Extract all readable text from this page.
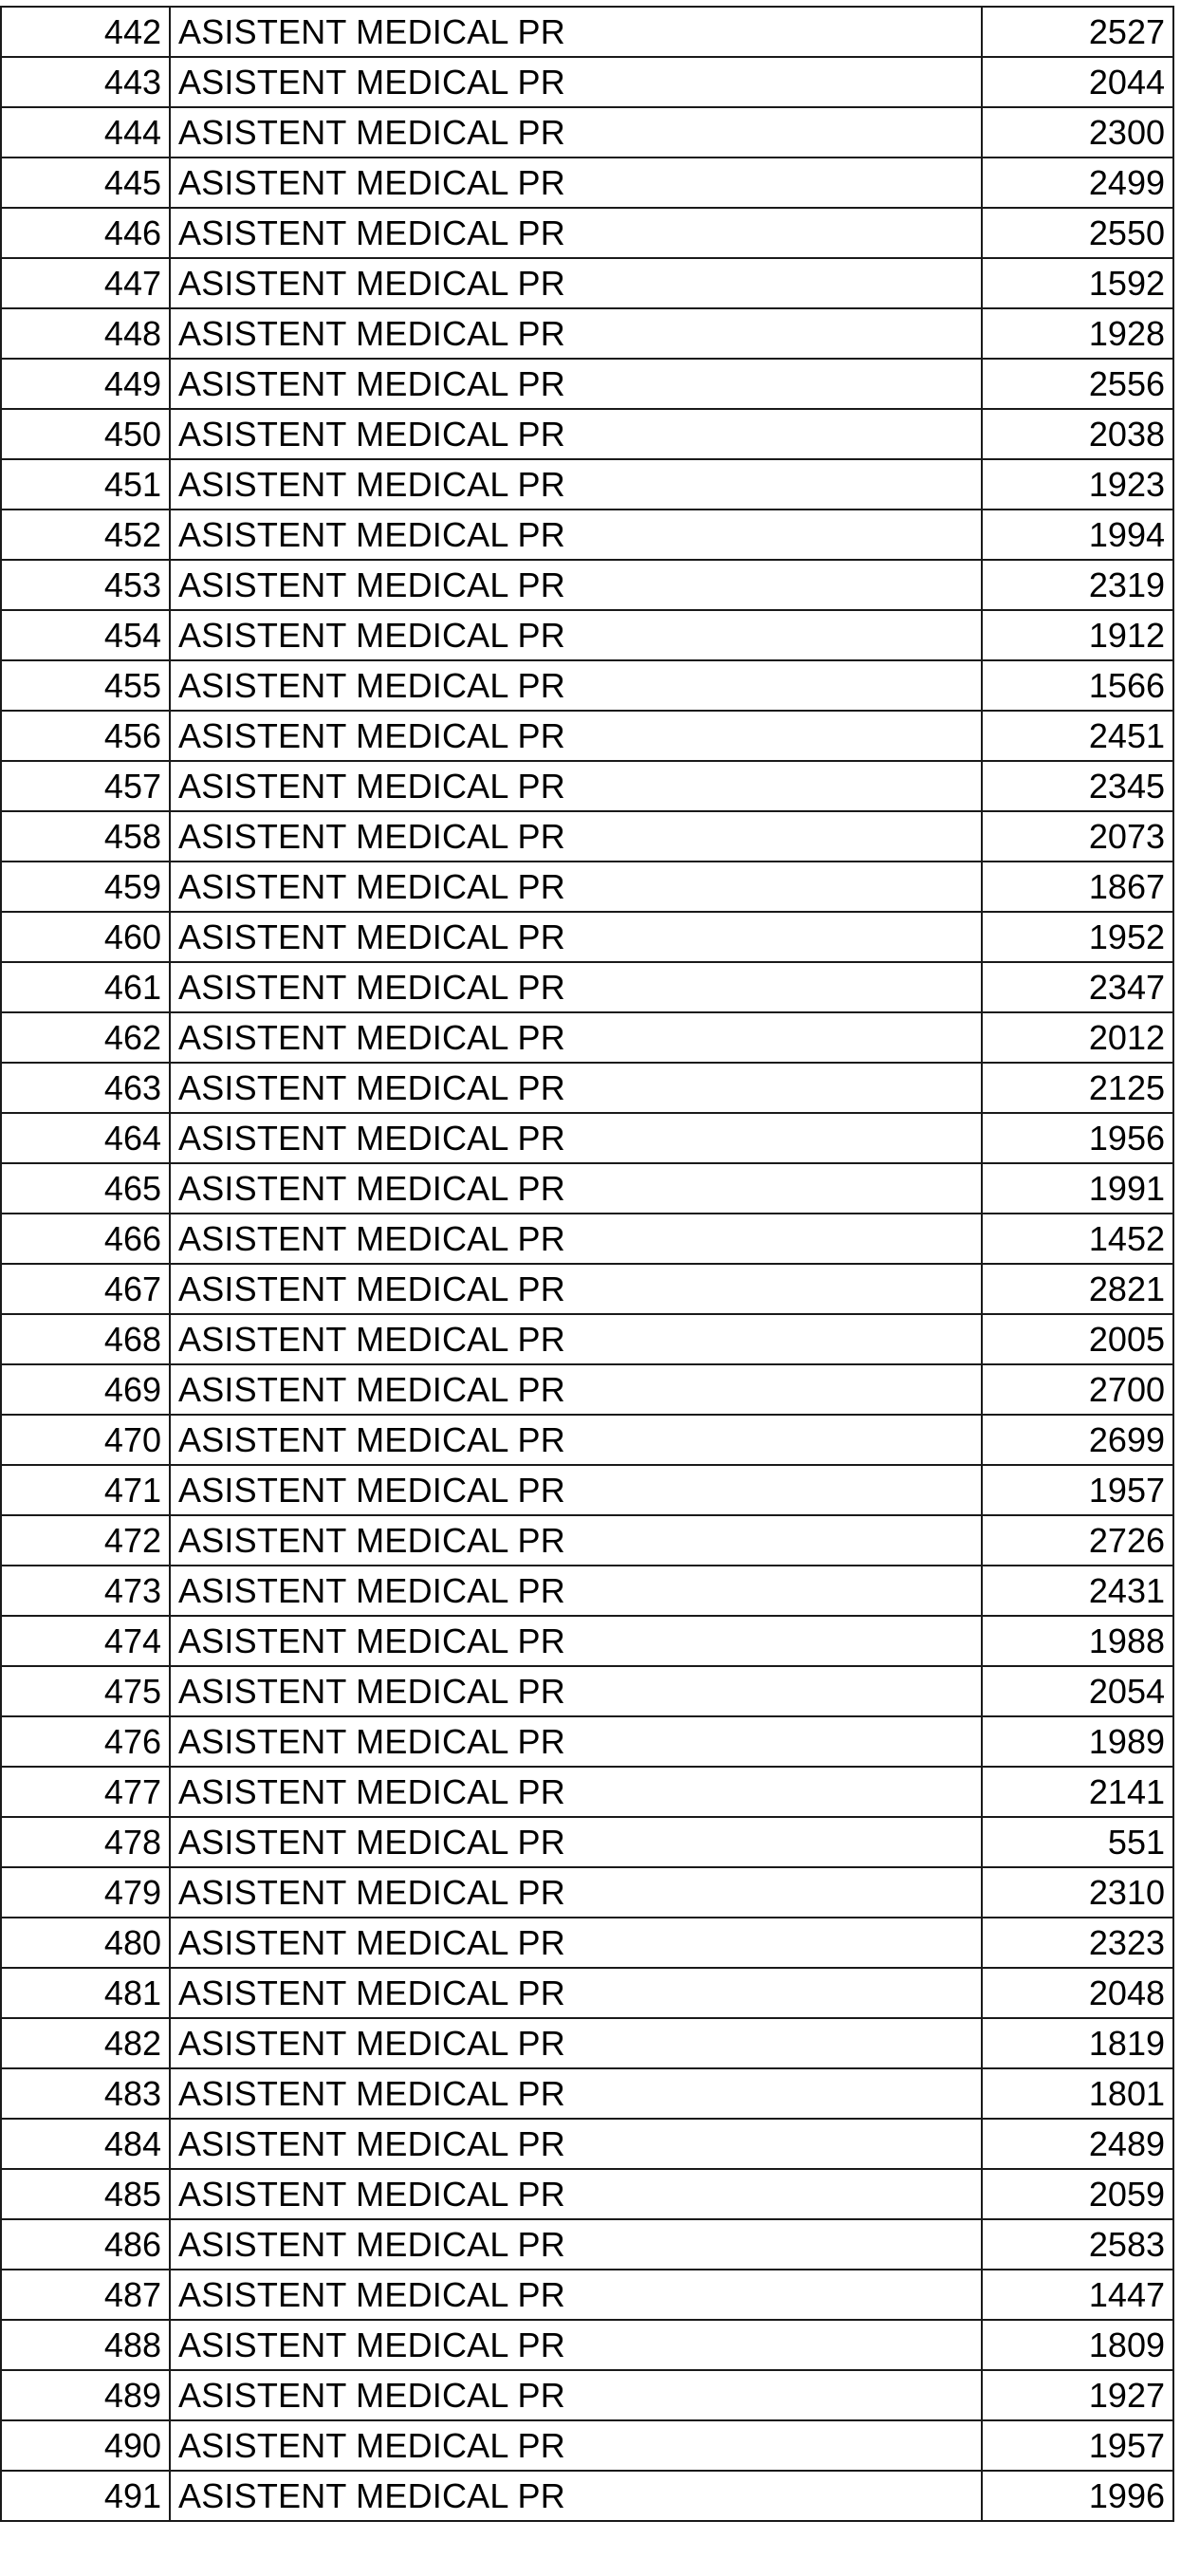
442	ASISTENT MEDICAL PR	2527
443	ASISTENT MEDICAL PR	2044
444	ASISTENT MEDICAL PR	2300
445	ASISTENT MEDICAL PR	2499
446	ASISTENT MEDICAL PR	2550
447	ASISTENT MEDICAL PR	1592
448	ASISTENT MEDICAL PR	1928
449	ASISTENT MEDICAL PR	2556
450	ASISTENT MEDICAL PR	2038
451	ASISTENT MEDICAL PR	1923
452	ASISTENT MEDICAL PR	1994
453	ASISTENT MEDICAL PR	2319
454	ASISTENT MEDICAL PR	1912
455	ASISTENT MEDICAL PR	1566
456	ASISTENT MEDICAL PR	2451
457	ASISTENT MEDICAL PR	2345
458	ASISTENT MEDICAL PR	2073
459	ASISTENT MEDICAL PR	1867
460	ASISTENT MEDICAL PR	1952
461	ASISTENT MEDICAL PR	2347
462	ASISTENT MEDICAL PR	2012
463	ASISTENT MEDICAL PR	2125
464	ASISTENT MEDICAL PR	1956
465	ASISTENT MEDICAL PR	1991
466	ASISTENT MEDICAL PR	1452
467	ASISTENT MEDICAL PR	2821
468	ASISTENT MEDICAL PR	2005
469	ASISTENT MEDICAL PR	2700
470	ASISTENT MEDICAL PR	2699
471	ASISTENT MEDICAL PR	1957
472	ASISTENT MEDICAL PR	2726
473	ASISTENT MEDICAL PR	2431
474	ASISTENT MEDICAL PR	1988
475	ASISTENT MEDICAL PR	2054
476	ASISTENT MEDICAL PR	1989
477	ASISTENT MEDICAL PR	2141
478	ASISTENT MEDICAL PR	551
479	ASISTENT MEDICAL PR	2310
480	ASISTENT MEDICAL PR	2323
481	ASISTENT MEDICAL PR	2048
482	ASISTENT MEDICAL PR	1819
483	ASISTENT MEDICAL PR	1801
484	ASISTENT MEDICAL PR	2489
485	ASISTENT MEDICAL PR	2059
486	ASISTENT MEDICAL PR	2583
487	ASISTENT MEDICAL PR	1447
488	ASISTENT MEDICAL PR	1809
489	ASISTENT MEDICAL PR	1927
490	ASISTENT MEDICAL PR	1957
491	ASISTENT MEDICAL PR	1996
